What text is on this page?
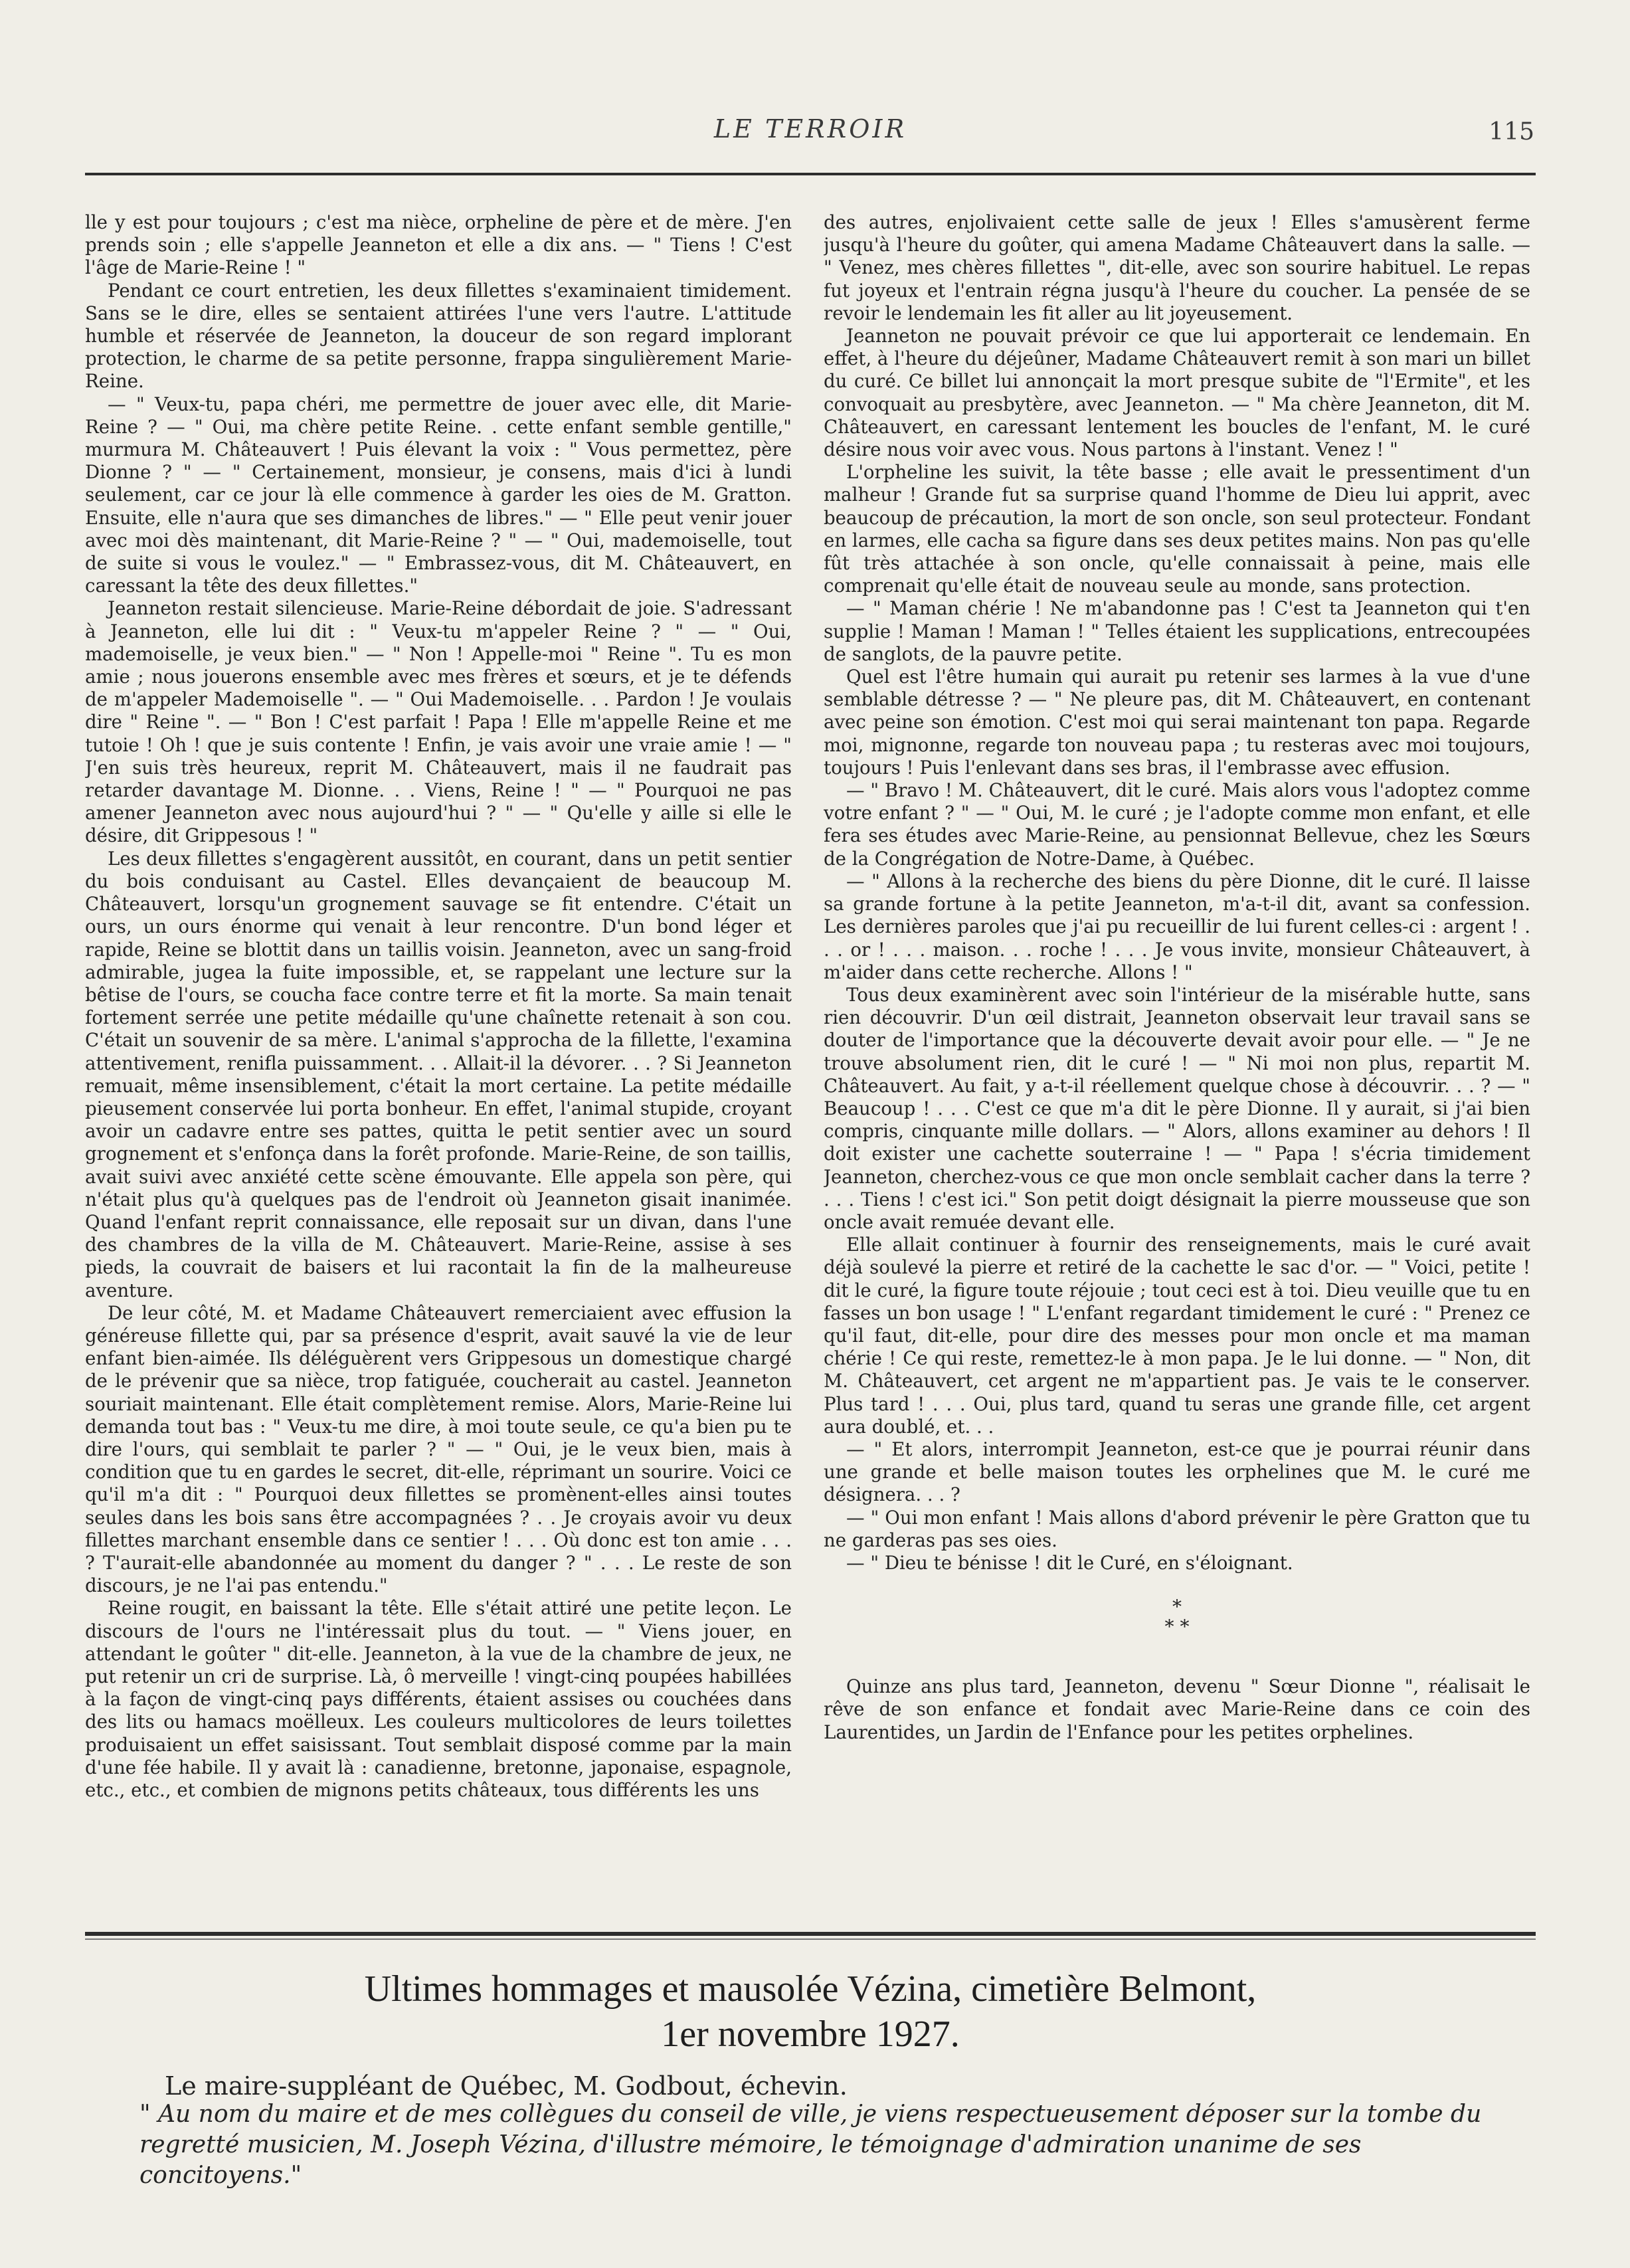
LE TERROIR	115

lle y est pour toujours ; c'est ma nièce, orpheline de père et de mère. J'en prends soin ; elle s'appelle Jeanneton et elle a dix ans. — " Tiens ! C'est l'âge de Marie-Reine ! "

Pendant ce court entretien, les deux fillettes s'examinaient timidement. Sans se le dire, elles se sentaient attirées l'une vers l'autre. L'attitude humble et réservée de Jeanneton, la douceur de son regard implorant protection, le charme de sa petite personne, frappa singulièrement Marie-Reine.

— " Veux-tu, papa chéri, me permettre de jouer avec elle, dit Marie-Reine ? — " Oui, ma chère petite Reine. . cette enfant semble gentille," murmura M. Châteauvert ! Puis élevant la voix : " Vous permettez, père Dionne ? " — " Certainement, monsieur, je consens, mais d'ici à lundi seulement, car ce jour là elle commence à garder les oies de M. Gratton. Ensuite, elle n'aura que ses dimanches de libres." — " Elle peut venir jouer avec moi dès maintenant, dit Marie-Reine ? " — " Oui, mademoiselle, tout de suite si vous le voulez." — " Embrassez-vous, dit M. Châteauvert, en caressant la tête des deux fillettes."

Jeanneton restait silencieuse. Marie-Reine débordait de joie. S'adressant à Jeanneton, elle lui dit : " Veux-tu m'appeler Reine ? " — " Oui, mademoiselle, je veux bien." — " Non ! Appelle-moi " Reine ". Tu es mon amie ; nous jouerons ensemble avec mes frères et sœurs, et je te défends de m'appeler Mademoiselle ". — " Oui Mademoiselle. . . Pardon ! Je voulais dire " Reine ". — " Bon ! C'est parfait ! Papa ! Elle m'appelle Reine et me tutoie ! Oh ! que je suis contente ! Enfin, je vais avoir une vraie amie ! — " J'en suis très heureux, reprit M. Châteauvert, mais il ne faudrait pas retarder davantage M. Dionne. . . Viens, Reine ! " — " Pourquoi ne pas amener Jeanneton avec nous aujourd'hui ? " — " Qu'elle y aille si elle le désire, dit Grippesous ! "

Les deux fillettes s'engagèrent aussitôt, en courant, dans un petit sentier du bois conduisant au Castel. Elles devançaient de beaucoup M. Châteauvert, lorsqu'un grognement sauvage se fit entendre. C'était un ours, un ours énorme qui venait à leur rencontre. D'un bond léger et rapide, Reine se blottit dans un taillis voisin. Jeanneton, avec un sang-froid admirable, jugea la fuite impossible, et, se rappelant une lecture sur la bêtise de l'ours, se coucha face contre terre et fit la morte. Sa main tenait fortement serrée une petite médaille qu'une chaînette retenait à son cou. C'était un souvenir de sa mère. L'animal s'approcha de la fillette, l'examina attentivement, renifla puissamment. . . Allait-il la dévorer. . . ? Si Jeanneton remuait, même insensiblement, c'était la mort certaine. La petite médaille pieusement conservée lui porta bonheur. En effet, l'animal stupide, croyant avoir un cadavre entre ses pattes, quitta le petit sentier avec un sourd grognement et s'enfonça dans la forêt profonde. Marie-Reine, de son taillis, avait suivi avec anxiété cette scène émouvante. Elle appela son père, qui n'était plus qu'à quelques pas de l'endroit où Jeanneton gisait inanimée. Quand l'enfant reprit connaissance, elle reposait sur un divan, dans l'une des chambres de la villa de M. Châteauvert. Marie-Reine, assise à ses pieds, la couvrait de baisers et lui racontait la fin de la malheureuse aventure.

De leur côté, M. et Madame Châteauvert remerciaient avec effusion la généreuse fillette qui, par sa présence d'esprit, avait sauvé la vie de leur enfant bien-aimée. Ils déléguèrent vers Grippesous un domestique chargé de le prévenir que sa nièce, trop fatiguée, coucherait au castel. Jeanneton souriait maintenant. Elle était complètement remise. Alors, Marie-Reine lui demanda tout bas : " Veux-tu me dire, à moi toute seule, ce qu'a bien pu te dire l'ours, qui semblait te parler ? " — " Oui, je le veux bien, mais à condition que tu en gardes le secret, dit-elle, réprimant un sourire. Voici ce qu'il m'a dit : " Pourquoi deux fillettes se promènent-elles ainsi toutes seules dans les bois sans être accompagnées ? . . Je croyais avoir vu deux fillettes marchant ensemble dans ce sentier ! . . . Où donc est ton amie . . . ? T'aurait-elle abandonnée au moment du danger ? " . . . Le reste de son discours, je ne l'ai pas entendu."

Reine rougit, en baissant la tête. Elle s'était attiré une petite leçon. Le discours de l'ours ne l'intéressait plus du tout. — " Viens jouer, en attendant le goûter " dit-elle. Jeanneton, à la vue de la chambre de jeux, ne put retenir un cri de surprise. Là, ô merveille ! vingt-cinq poupées habillées à la façon de vingt-cinq pays différents, étaient assises ou couchées dans des lits ou hamacs moëlleux. Les couleurs multicolores de leurs toilettes produisaient un effet saisissant. Tout semblait disposé comme par la main d'une fée habile. Il y avait là : canadienne, bretonne, japonaise, espagnole, etc., etc., et combien de mignons petits châteaux, tous différents les uns

des autres, enjolivaient cette salle de jeux ! Elles s'amusèrent ferme jusqu'à l'heure du goûter, qui amena Madame Châteauvert dans la salle. — " Venez, mes chères fillettes ", dit-elle, avec son sourire habituel. Le repas fut joyeux et l'entrain régna jusqu'à l'heure du coucher. La pensée de se revoir le lendemain les fit aller au lit joyeusement.

Jeanneton ne pouvait prévoir ce que lui apporterait ce lendemain. En effet, à l'heure du déjeûner, Madame Châteauvert remit à son mari un billet du curé. Ce billet lui annonçait la mort presque subite de "l'Ermite", et les convoquait au presbytère, avec Jeanneton. — " Ma chère Jeanneton, dit M. Châteauvert, en caressant lentement les boucles de l'enfant, M. le curé désire nous voir avec vous. Nous partons à l'instant. Venez ! "

L'orpheline les suivit, la tête basse ; elle avait le pressentiment d'un malheur ! Grande fut sa surprise quand l'homme de Dieu lui apprit, avec beaucoup de précaution, la mort de son oncle, son seul protecteur. Fondant en larmes, elle cacha sa figure dans ses deux petites mains. Non pas qu'elle fût très attachée à son oncle, qu'elle connaissait à peine, mais elle comprenait qu'elle était de nouveau seule au monde, sans protection.

— " Maman chérie ! Ne m'abandonne pas ! C'est ta Jeanneton qui t'en supplie ! Maman ! Maman ! " Telles étaient les supplications, entrecoupées de sanglots, de la pauvre petite.

Quel est l'être humain qui aurait pu retenir ses larmes à la vue d'une semblable détresse ? — " Ne pleure pas, dit M. Châteauvert, en contenant avec peine son émotion. C'est moi qui serai maintenant ton papa. Regarde moi, mignonne, regarde ton nouveau papa ; tu resteras avec moi toujours, toujours ! Puis l'enlevant dans ses bras, il l'embrasse avec effusion.

— " Bravo ! M. Châteauvert, dit le curé. Mais alors vous l'adoptez comme votre enfant ? " — " Oui, M. le curé ; je l'adopte comme mon enfant, et elle fera ses études avec Marie-Reine, au pensionnat Bellevue, chez les Sœurs de la Congrégation de Notre-Dame, à Québec.

— " Allons à la recherche des biens du père Dionne, dit le curé. Il laisse sa grande fortune à la petite Jeanneton, m'a-t-il dit, avant sa confession. Les dernières paroles que j'ai pu recueillir de lui furent celles-ci : argent ! . . . or ! . . . maison. . . roche ! . . . Je vous invite, monsieur Châteauvert, à m'aider dans cette recherche. Allons ! "

Tous deux examinèrent avec soin l'intérieur de la misérable hutte, sans rien découvrir. D'un œil distrait, Jeanneton observait leur travail sans se douter de l'importance que la découverte devait avoir pour elle. — " Je ne trouve absolument rien, dit le curé ! — " Ni moi non plus, repartit M. Châteauvert. Au fait, y a-t-il réellement quelque chose à découvrir. . . ? — " Beaucoup ! . . . C'est ce que m'a dit le père Dionne. Il y aurait, si j'ai bien compris, cinquante mille dollars. — " Alors, allons examiner au dehors ! Il doit exister une cachette souterraine ! — " Papa ! s'écria timidement Jeanneton, cherchez-vous ce que mon oncle semblait cacher dans la terre ? . . . Tiens ! c'est ici." Son petit doigt désignait la pierre mousseuse que son oncle avait remuée devant elle.

Elle allait continuer à fournir des renseignements, mais le curé avait déjà soulevé la pierre et retiré de la cachette le sac d'or. — " Voici, petite ! dit le curé, la figure toute réjouie ; tout ceci est à toi. Dieu veuille que tu en fasses un bon usage ! " L'enfant regardant timidement le curé : " Prenez ce qu'il faut, dit-elle, pour dire des messes pour mon oncle et ma maman chérie ! Ce qui reste, remettez-le à mon papa. Je le lui donne. — " Non, dit M. Châteauvert, cet argent ne m'appartient pas. Je vais te le conserver. Plus tard ! . . . Oui, plus tard, quand tu seras une grande fille, cet argent aura doublé, et. . .

— " Et alors, interrompit Jeanneton, est-ce que je pourrai réunir dans une grande et belle maison toutes les orphelines que M. le curé me désignera. . . ?

— " Oui mon enfant ! Mais allons d'abord prévenir le père Gratton que tu ne garderas pas ses oies.

— " Dieu te bénisse ! dit le Curé, en s'éloignant.

*
* *

Quinze ans plus tard, Jeanneton, devenu " Sœur Dionne ", réalisait le rêve de son enfance et fondait avec Marie-Reine dans ce coin des Laurentides, un Jardin de l'Enfance pour les petites orphelines.

Ultimes hommages et mausolée Vézina, cimetière Belmont,
1er novembre 1927.
Le maire-suppléant de Québec, M. Godbout, échevin.
" Au nom du maire et de mes collègues du conseil de ville, je viens respectueusement déposer sur la tombe du regretté musicien, M. Joseph Vézina, d'illustre mémoire, le témoignage d'admiration unanime de ses concitoyens."
